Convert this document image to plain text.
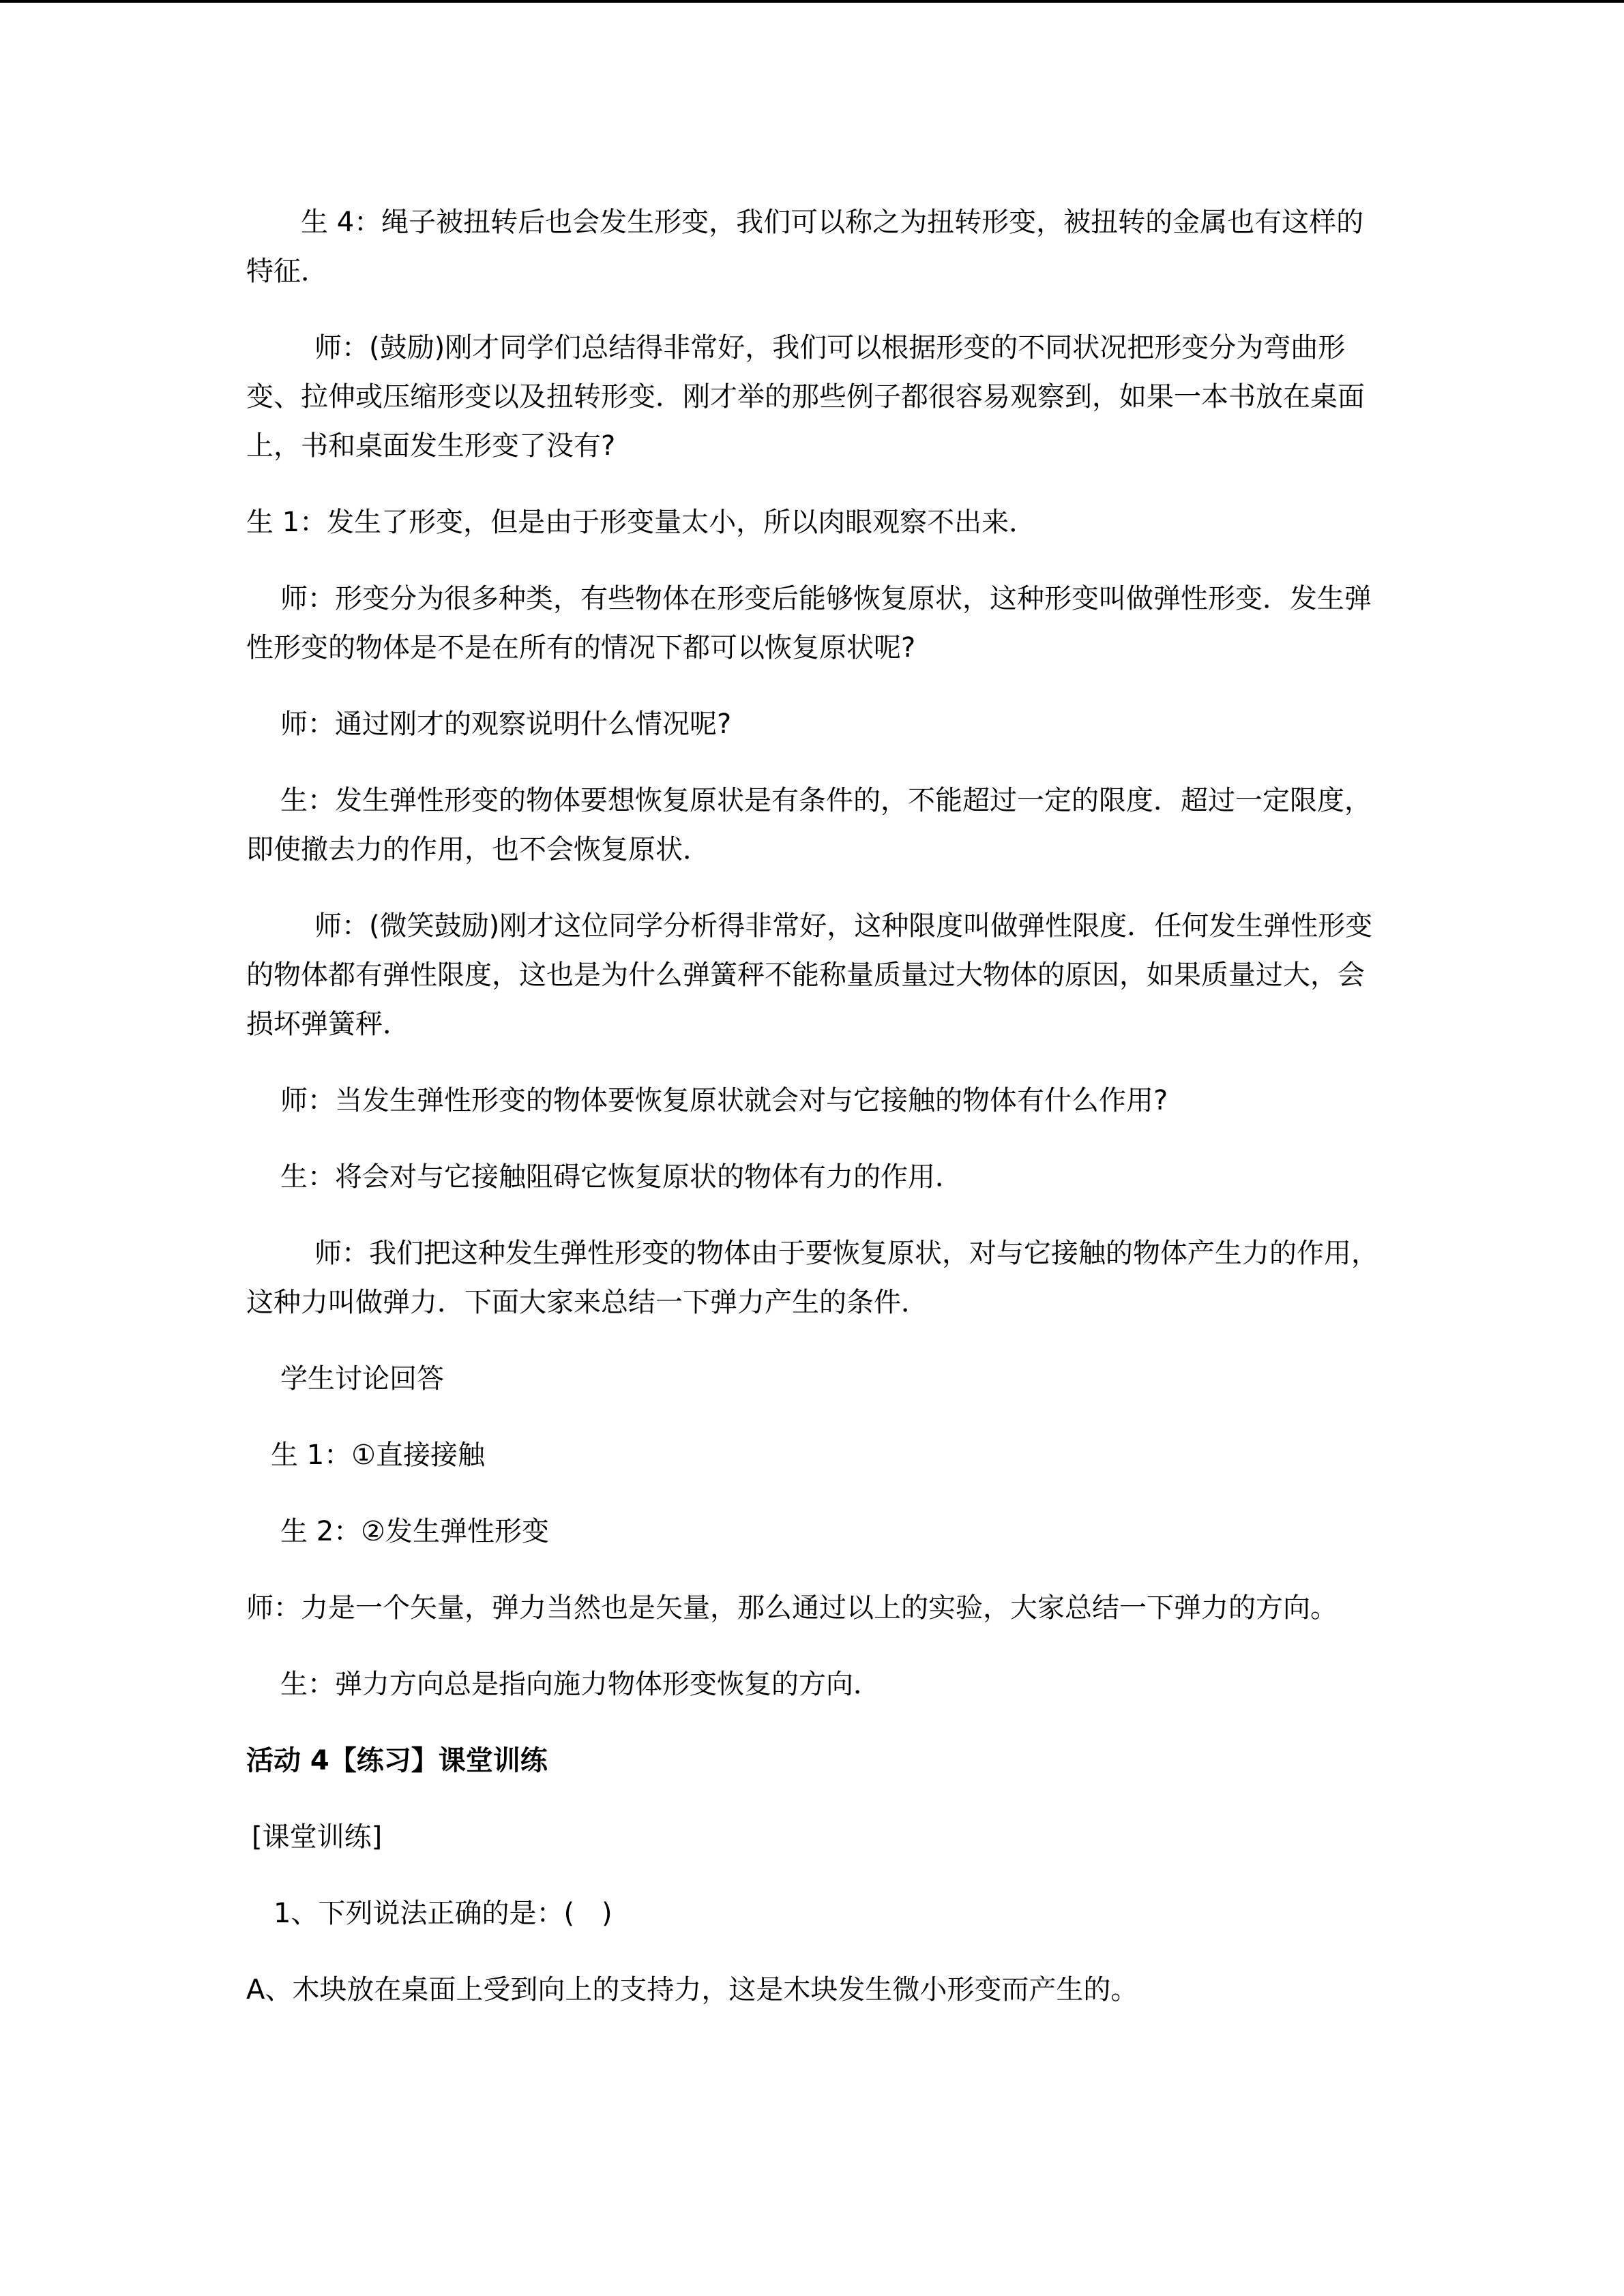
生 4：绳子被扭转后也会发生形变，我们可以称之为扭转形变，被扭转的金属也有这样的特征．

师：(鼓励)刚才同学们总结得非常好，我们可以根据形变的不同状况把形变分为弯曲形变、拉伸或压缩形变以及扭转形变．刚才举的那些例子都很容易观察到，如果一本书放在桌面上，书和桌面发生形变了没有?

生 1：发生了形变，但是由于形变量太小，所以肉眼观察不出来．

师：形变分为很多种类，有些物体在形变后能够恢复原状，这种形变叫做弹性形变．发生弹性形变的物体是不是在所有的情况下都可以恢复原状呢?

师：通过刚才的观察说明什么情况呢?

生：发生弹性形变的物体要想恢复原状是有条件的，不能超过一定的限度．超过一定限度，即使撤去力的作用，也不会恢复原状．

师：(微笑鼓励)刚才这位同学分析得非常好，这种限度叫做弹性限度．任何发生弹性形变的物体都有弹性限度，这也是为什么弹簧秤不能称量质量过大物体的原因，如果质量过大，会损坏弹簧秤．

师：当发生弹性形变的物体要恢复原状就会对与它接触的物体有什么作用?

生：将会对与它接触阻碍它恢复原状的物体有力的作用．

师：我们把这种发生弹性形变的物体由于要恢复原状，对与它接触的物体产生力的作用，这种力叫做弹力．下面大家来总结一下弹力产生的条件．

学生讨论回答

生 1：①直接接触

生 2：②发生弹性形变

师：力是一个矢量，弹力当然也是矢量，那么通过以上的实验，大家总结一下弹力的方向。

生：弹力方向总是指向施力物体形变恢复的方向．

活动 4【练习】课堂训练

[课堂训练]

1、下列说法正确的是：(　)

A、木块放在桌面上受到向上的支持力，这是木块发生微小形变而产生的。
